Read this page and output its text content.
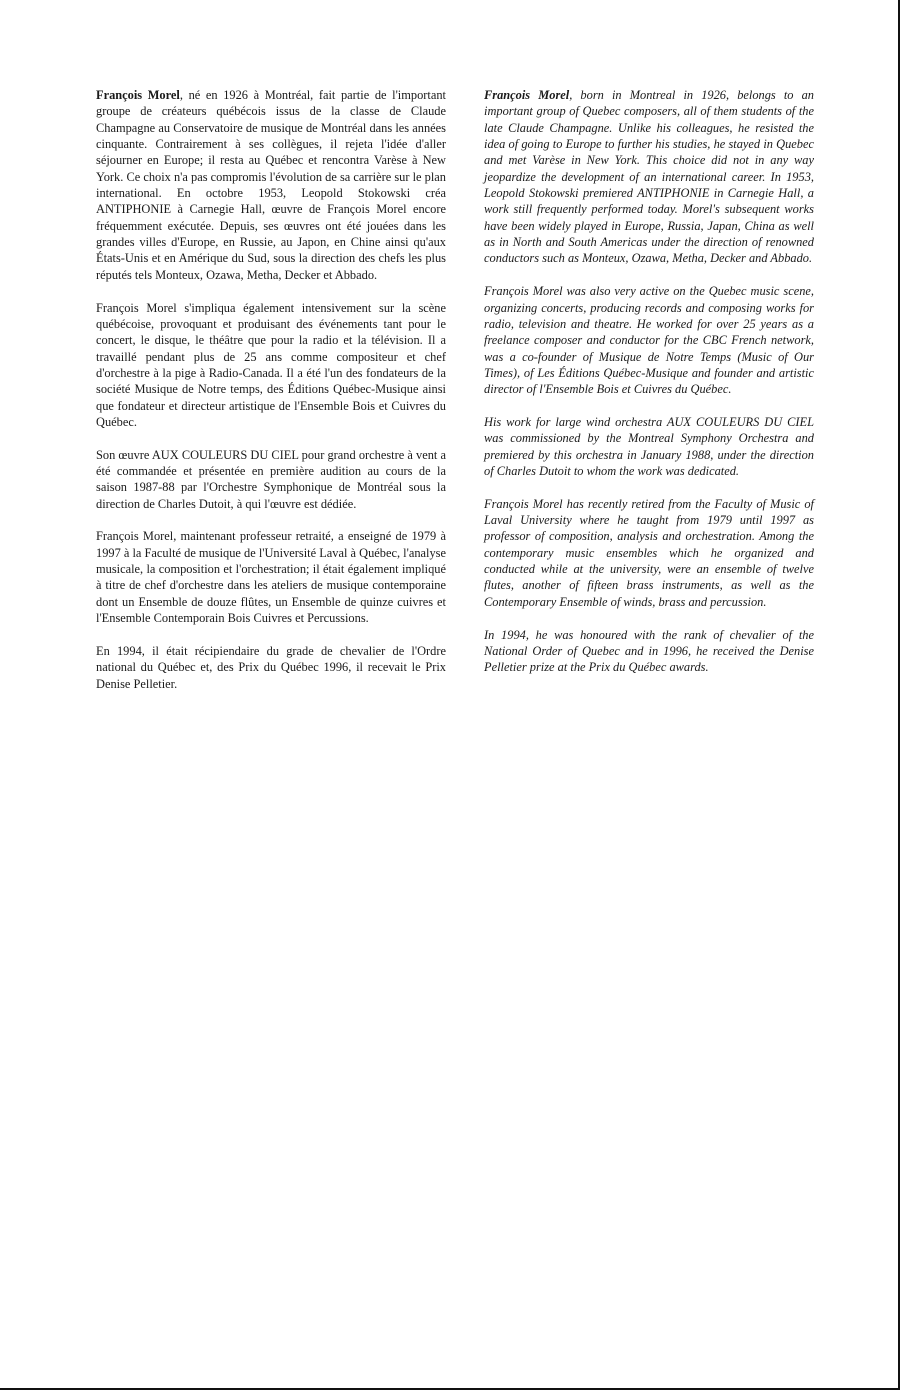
François Morel, né en 1926 à Montréal, fait partie de l'important groupe de créateurs québécois issus de la classe de Claude Champagne au Conservatoire de musique de Montréal dans les années cinquante. Contrairement à ses collègues, il rejeta l'idée d'aller séjourner en Europe; il resta au Québec et rencontra Varèse à New York. Ce choix n'a pas compromis l'évolution de sa carrière sur le plan international. En octobre 1953, Leopold Stokowski créa ANTIPHONIE à Carnegie Hall, œuvre de François Morel encore fréquemment exécutée. Depuis, ses œuvres ont été jouées dans les grandes villes d'Europe, en Russie, au Japon, en Chine ainsi qu'aux États-Unis et en Amérique du Sud, sous la direction des chefs les plus réputés tels Monteux, Ozawa, Metha, Decker et Abbado.

François Morel s'impliqua également intensivement sur la scène québécoise, provoquant et produisant des événements tant pour le concert, le disque, le théâtre que pour la radio et la télévision. Il a travaillé pendant plus de 25 ans comme compositeur et chef d'orchestre à la pige à Radio-Canada. Il a été l'un des fondateurs de la société Musique de Notre temps, des Éditions Québec-Musique ainsi que fondateur et directeur artistique de l'Ensemble Bois et Cuivres du Québec.

Son œuvre AUX COULEURS DU CIEL pour grand orchestre à vent a été commandée et présentée en première audition au cours de la saison 1987-88 par l'Orchestre Symphonique de Montréal sous la direction de Charles Dutoit, à qui l'œuvre est dédiée.

François Morel, maintenant professeur retraité, a enseigné de 1979 à 1997 à la Faculté de musique de l'Université Laval à Québec, l'analyse musicale, la composition et l'orchestration; il était également impliqué à titre de chef d'orchestre dans les ateliers de musique contemporaine dont un Ensemble de douze flûtes, un Ensemble de quinze cuivres et l'Ensemble Contemporain Bois Cuivres et Percussions.

En 1994, il était récipiendaire du grade de chevalier de l'Ordre national du Québec et, des Prix du Québec 1996, il recevait le Prix Denise Pelletier.

François Morel, born in Montreal in 1926, belongs to an important group of Quebec composers, all of them students of the late Claude Champagne. Unlike his colleagues, he resisted the idea of going to Europe to further his studies, he stayed in Quebec and met Varèse in New York. This choice did not in any way jeopardize the development of an international career. In 1953, Leopold Stokowski premiered ANTIPHONIE in Carnegie Hall, a work still frequently performed today. Morel's subsequent works have been widely played in Europe, Russia, Japan, China as well as in North and South Americas under the direction of renowned conductors such as Monteux, Ozawa, Metha, Decker and Abbado.

François Morel was also very active on the Quebec music scene, organizing concerts, producing records and composing works for radio, television and theatre. He worked for over 25 years as a freelance composer and conductor for the CBC French network, was a co-founder of Musique de Notre Temps (Music of Our Times), of Les Éditions Québec-Musique and founder and artistic director of l'Ensemble Bois et Cuivres du Québec.

His work for large wind orchestra AUX COULEURS DU CIEL was commissioned by the Montreal Symphony Orchestra and premiered by this orchestra in January 1988, under the direction of Charles Dutoit to whom the work was dedicated.

François Morel has recently retired from the Faculty of Music of Laval University where he taught from 1979 until 1997 as professor of composition, analysis and orchestration. Among the contemporary music ensembles which he organized and conducted while at the university, were an ensemble of twelve flutes, another of fifteen brass instruments, as well as the Contemporary Ensemble of winds, brass and percussion.

In 1994, he was honoured with the rank of chevalier of the National Order of Quebec and in 1996, he received the Denise Pelletier prize at the Prix du Québec awards.
